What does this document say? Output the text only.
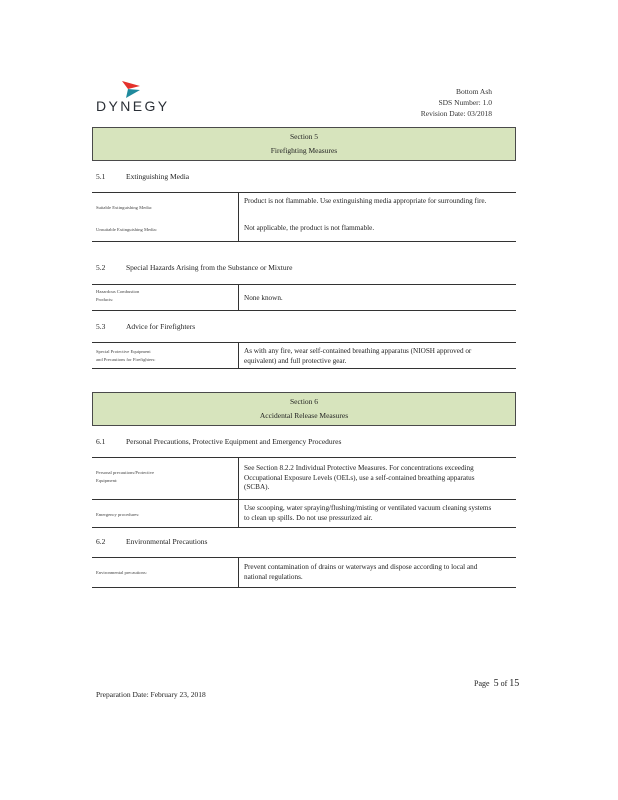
DYNEGY
Bottom Ash
SDS Number: 1.0
Revision Date: 03/2018
Section 5
Firefighting Measures
5.1	Extinguishing Media
Suitable Extinguishing Media:
Product is not flammable. Use extinguishing media appropriate for surrounding fire.
Unsuitable Extinguishing Media:	Not applicable, the product is not flammable.
5.2	Special Hazards Arising from the Substance or Mixture
Hazardous Combustion
Products:	None known.
5.3	Advice for Firefighters
Special Protective Equipment
and Precautions for Firefighters:
As with any fire, wear self-contained breathing apparatus (NIOSH approved or equivalent) and full protective gear.
Section 6
Accidental Release Measures
6.1	Personal Precautions, Protective Equipment and Emergency Procedures
Personal precautions/Protective
Equipment:
See Section 8.2.2 Individual Protective Measures. For concentrations exceeding Occupational Exposure Levels (OELs), use a self-contained breathing apparatus (SCBA).
Emergency procedures:
Use scooping, water spraying/flushing/misting or ventilated vacuum cleaning systems to clean up spills. Do not use pressurized air.
6.2	Environmental Precautions
Environmental precautions:
Prevent contamination of drains or waterways and dispose according to local and national regulations.
Page 5 of 15
Preparation Date: February 23, 2018
